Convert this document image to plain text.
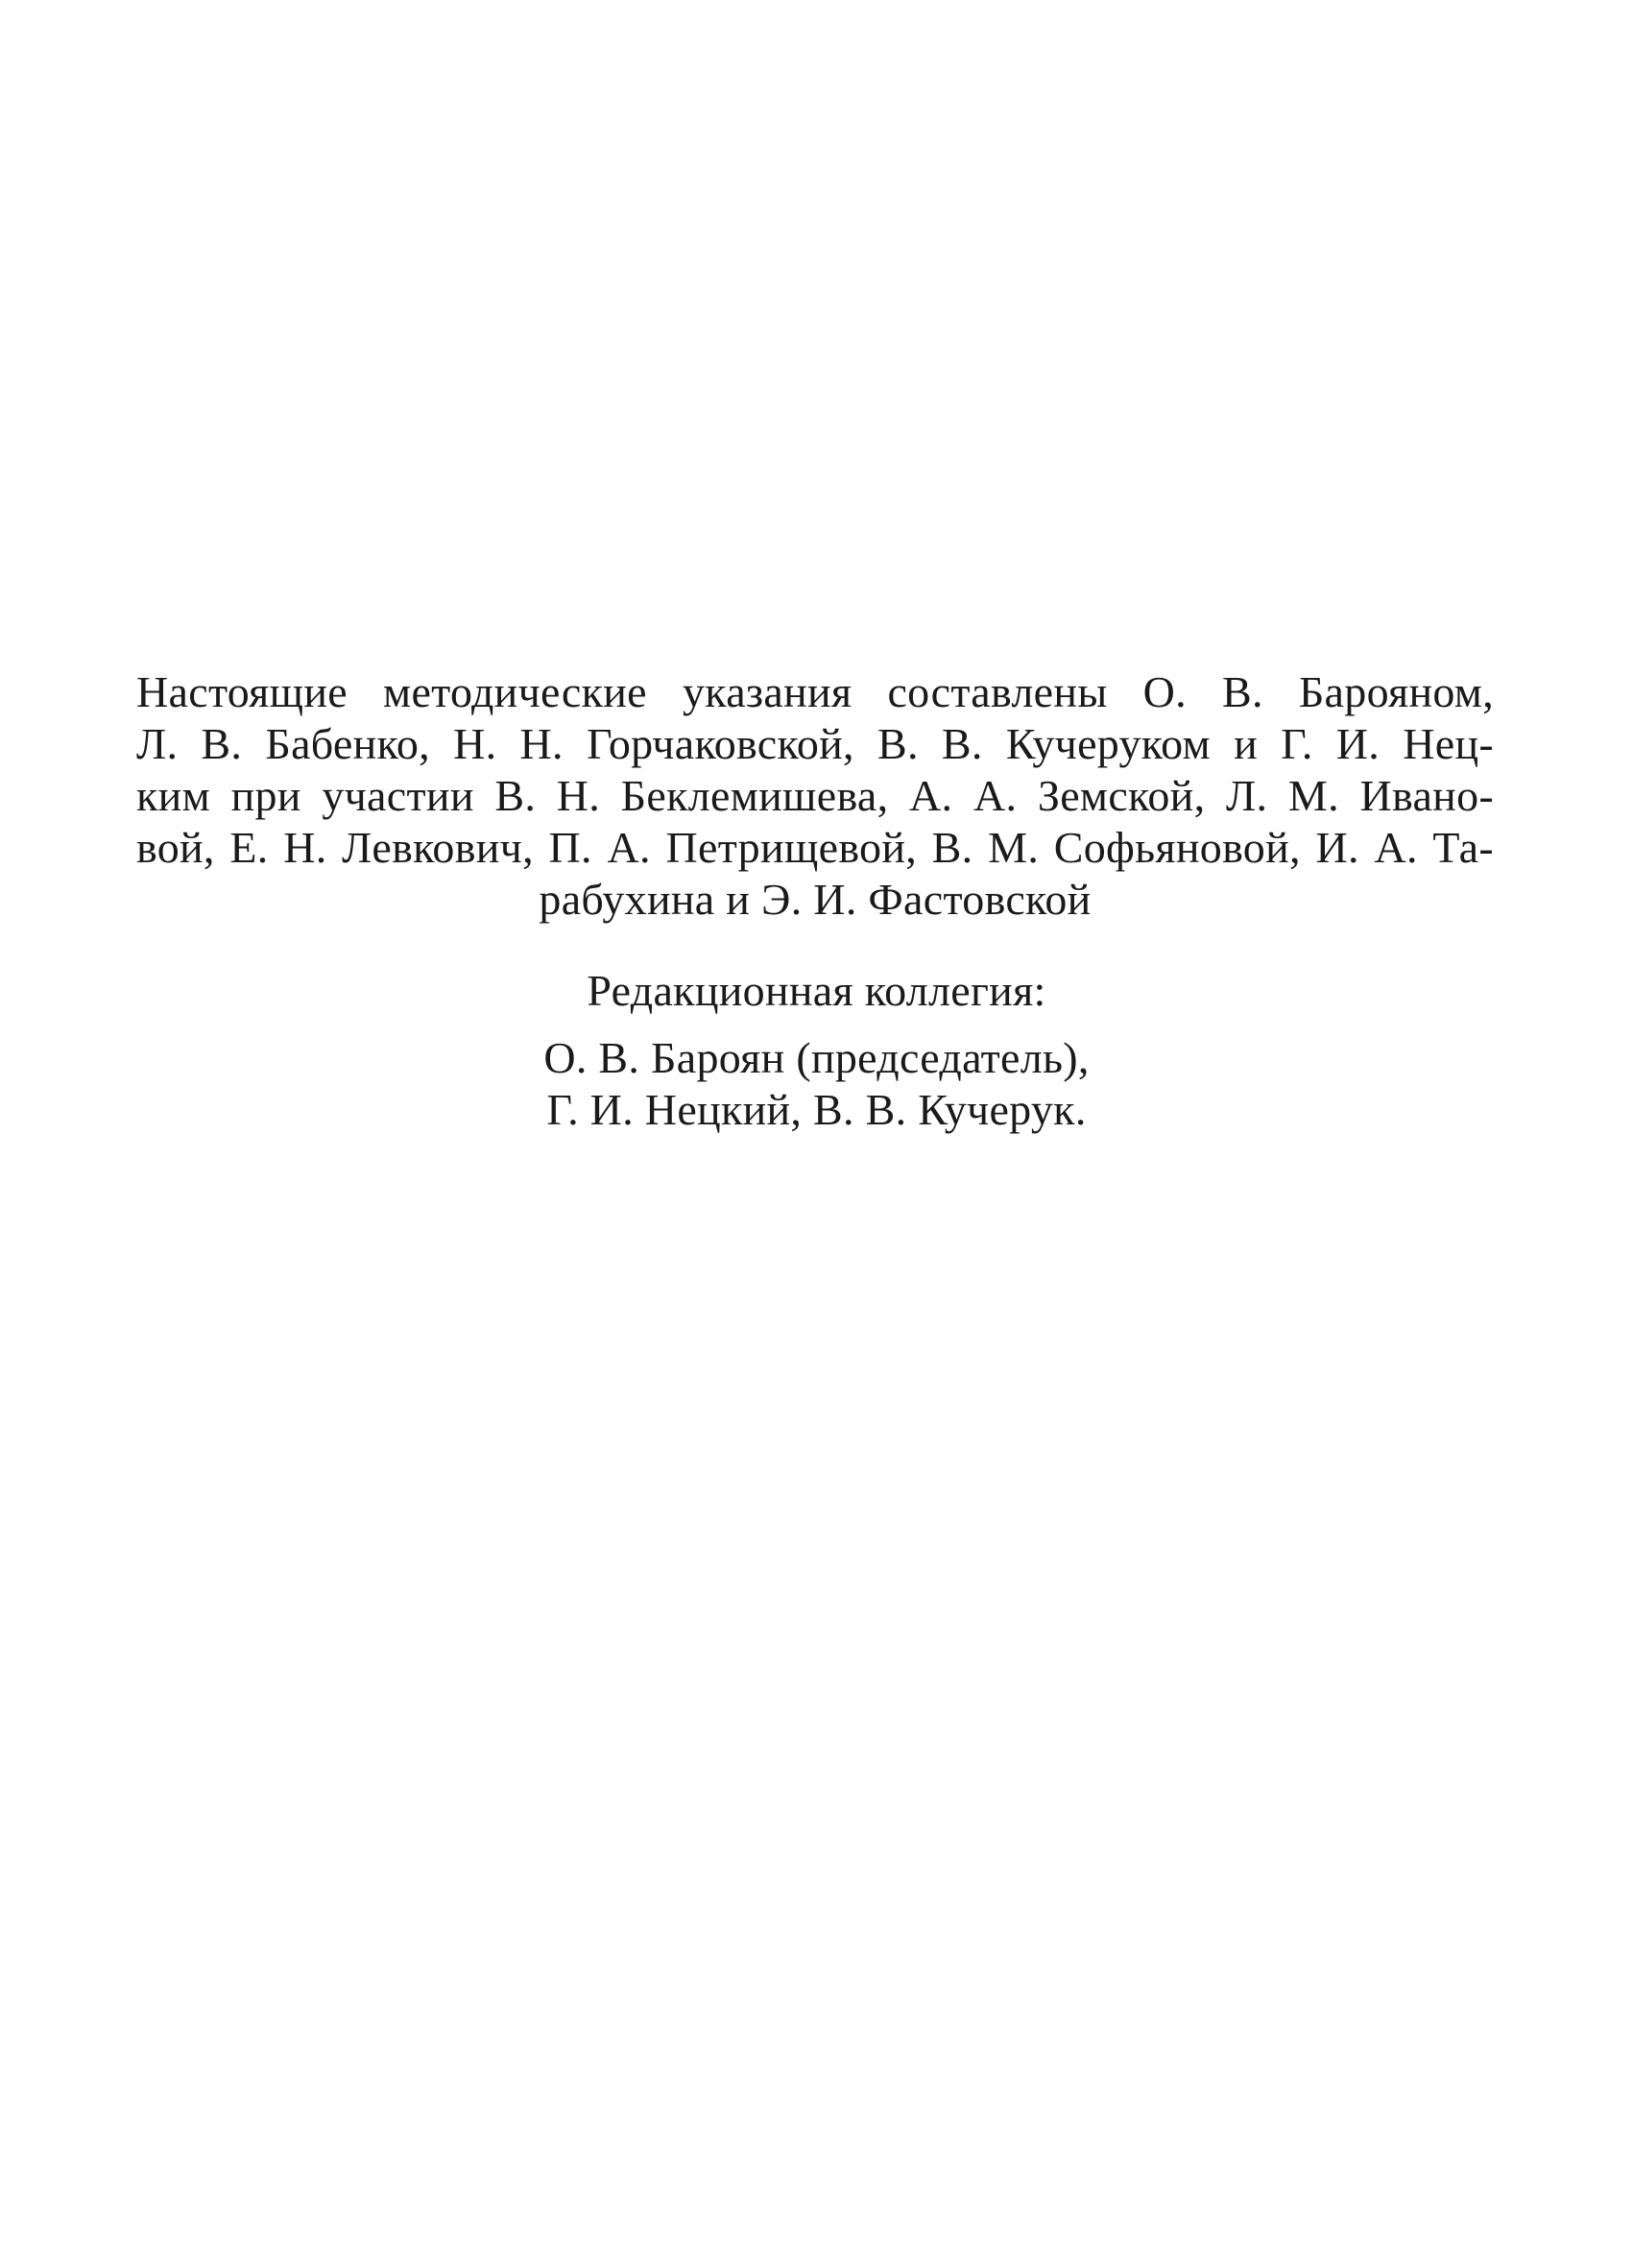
Настоящие методические указания составлены О. В. Барояном,
Л. В. Бабенко, Н. Н. Горчаковской, В. В. Кучеруком и Г. И. Нец-
ким при участии В. Н. Беклемишева, А. А. Земской, Л. М. Ивано-
вой, Е. Н. Левкович, П. А. Петрищевой, В. М. Софьяновой, И. А. Та-
рабухина и Э. И. Фастовской
Редакционная коллегия:
О. В. Бароян (председатель),
Г. И. Нецкий, В. В. Кучерук.
